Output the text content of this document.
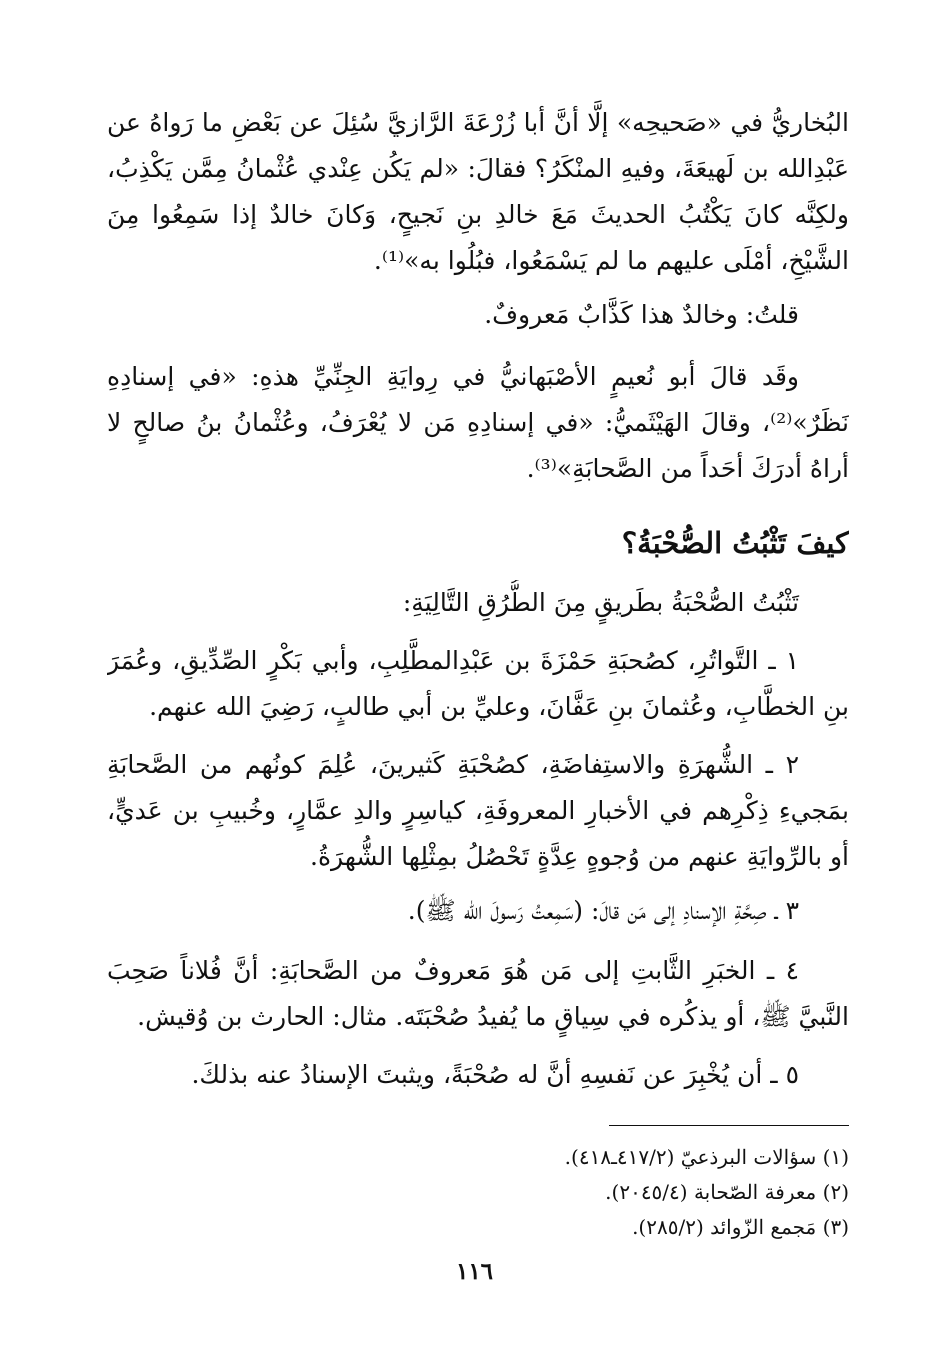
البُخاريُّ في «صَحيحِه» إلَّا أنَّ أبا زُرْعَةَ الرَّازيَّ سُئِلَ عن بَعْضِ ما رَواهُ عن
عَبْدِالله بن لَهيعَةَ، وفيهِ المنْكَرُ؟ فقالَ: «لم يَكُن عِنْدي عُثْمانُ مِمَّن يَكْذِبُ،
ولكِنَّه كانَ يَكْتُبُ الحديثَ مَعَ خالدِ بنِ نَجيحٍ، وَكانَ خالدٌ إذا سَمِعُوا مِنَ
الشَّيْخِ، أمْلَى عليهم ما لم يَسْمَعُوا، فبُلُوا به»⁽¹⁾.
قلتُ: وخالدٌ هذا كَذَّابٌ مَعروفٌ.
وقَد قالَ أبو نُعيمٍ الأصْبَهانيُّ في رِوايَةِ الجِنِّيِّ هذهِ: «في إسنادِهِ
نَظَرٌ»⁽²⁾، وقالَ الهَيْثَميُّ: «في إسنادِهِ مَن لا يُعْرَفُ، وعُثْمانُ بنُ صالحٍ لا
أراهُ أدرَكَ أحَداً من الصَّحابَةِ»⁽³⁾.
كيفَ تَثْبُتُ الصُّحْبَةُ؟
تَثْبُتُ الصُّحْبَةُ بطَريقٍ مِنَ الطُّرُقِ التَّالِيَةِ:
١ ـ التَّواتُرِ، كصُحبَةِ حَمْزَةَ بن عَبْدِالمطَّلِبِ، وأبي بَكْرٍ الصِّدِّيقِ، وعُمَرَ
بنِ الخطَّابِ، وعُثمانَ بنِ عَفَّانَ، وعليِّ بن أبي طالبٍ، رَضِيَ الله عنهم.
٢ ـ الشُّهرَةِ والاستِفاضَةِ، كصُحْبَةِ كَثيرينَ، عُلِمَ كونُهم من الصَّحابَةِ
بمَجيءِ ذِكْرِهم في الأخبارِ المعروفَةِ، كياسِرٍ والدِ عمَّارٍ، وخُبيبِ بن عَديٍّ،
أو بالرِّوايَةِ عنهم من وُجوهٍ عِدَّةٍ تَحْصُلُ بمِثْلِها الشُّهرَةُ.
٣ ـ صِحَّةِ الإسنادِ إلى مَن قالَ: (سَمِعتُ رَسولَ الله ﷺ).
٤ ـ الخبَرِ الثَّابتِ إلى مَن هُوَ مَعروفٌ من الصَّحابَةِ: أنَّ فُلاناً صَحِبَ
النَّبيَّ ﷺ، أو يذكُره في سِياقٍ ما يُفيدُ صُحْبَتَه. مثال: الحارث بن وُقيش.
٥ ـ أن يُخْبِرَ عن نَفسِهِ أنَّ له صُحْبَةً، ويثبتَ الإسنادُ عنه بذلكَ.
(١) سؤالات البرذعيّ (٤١٧/٢ـ٤١٨).
(٢) معرفة الصّحابة (٢٠٤٥/٤).
(٣) مَجمع الزّوائد (٢٨٥/٢).
١١٦
